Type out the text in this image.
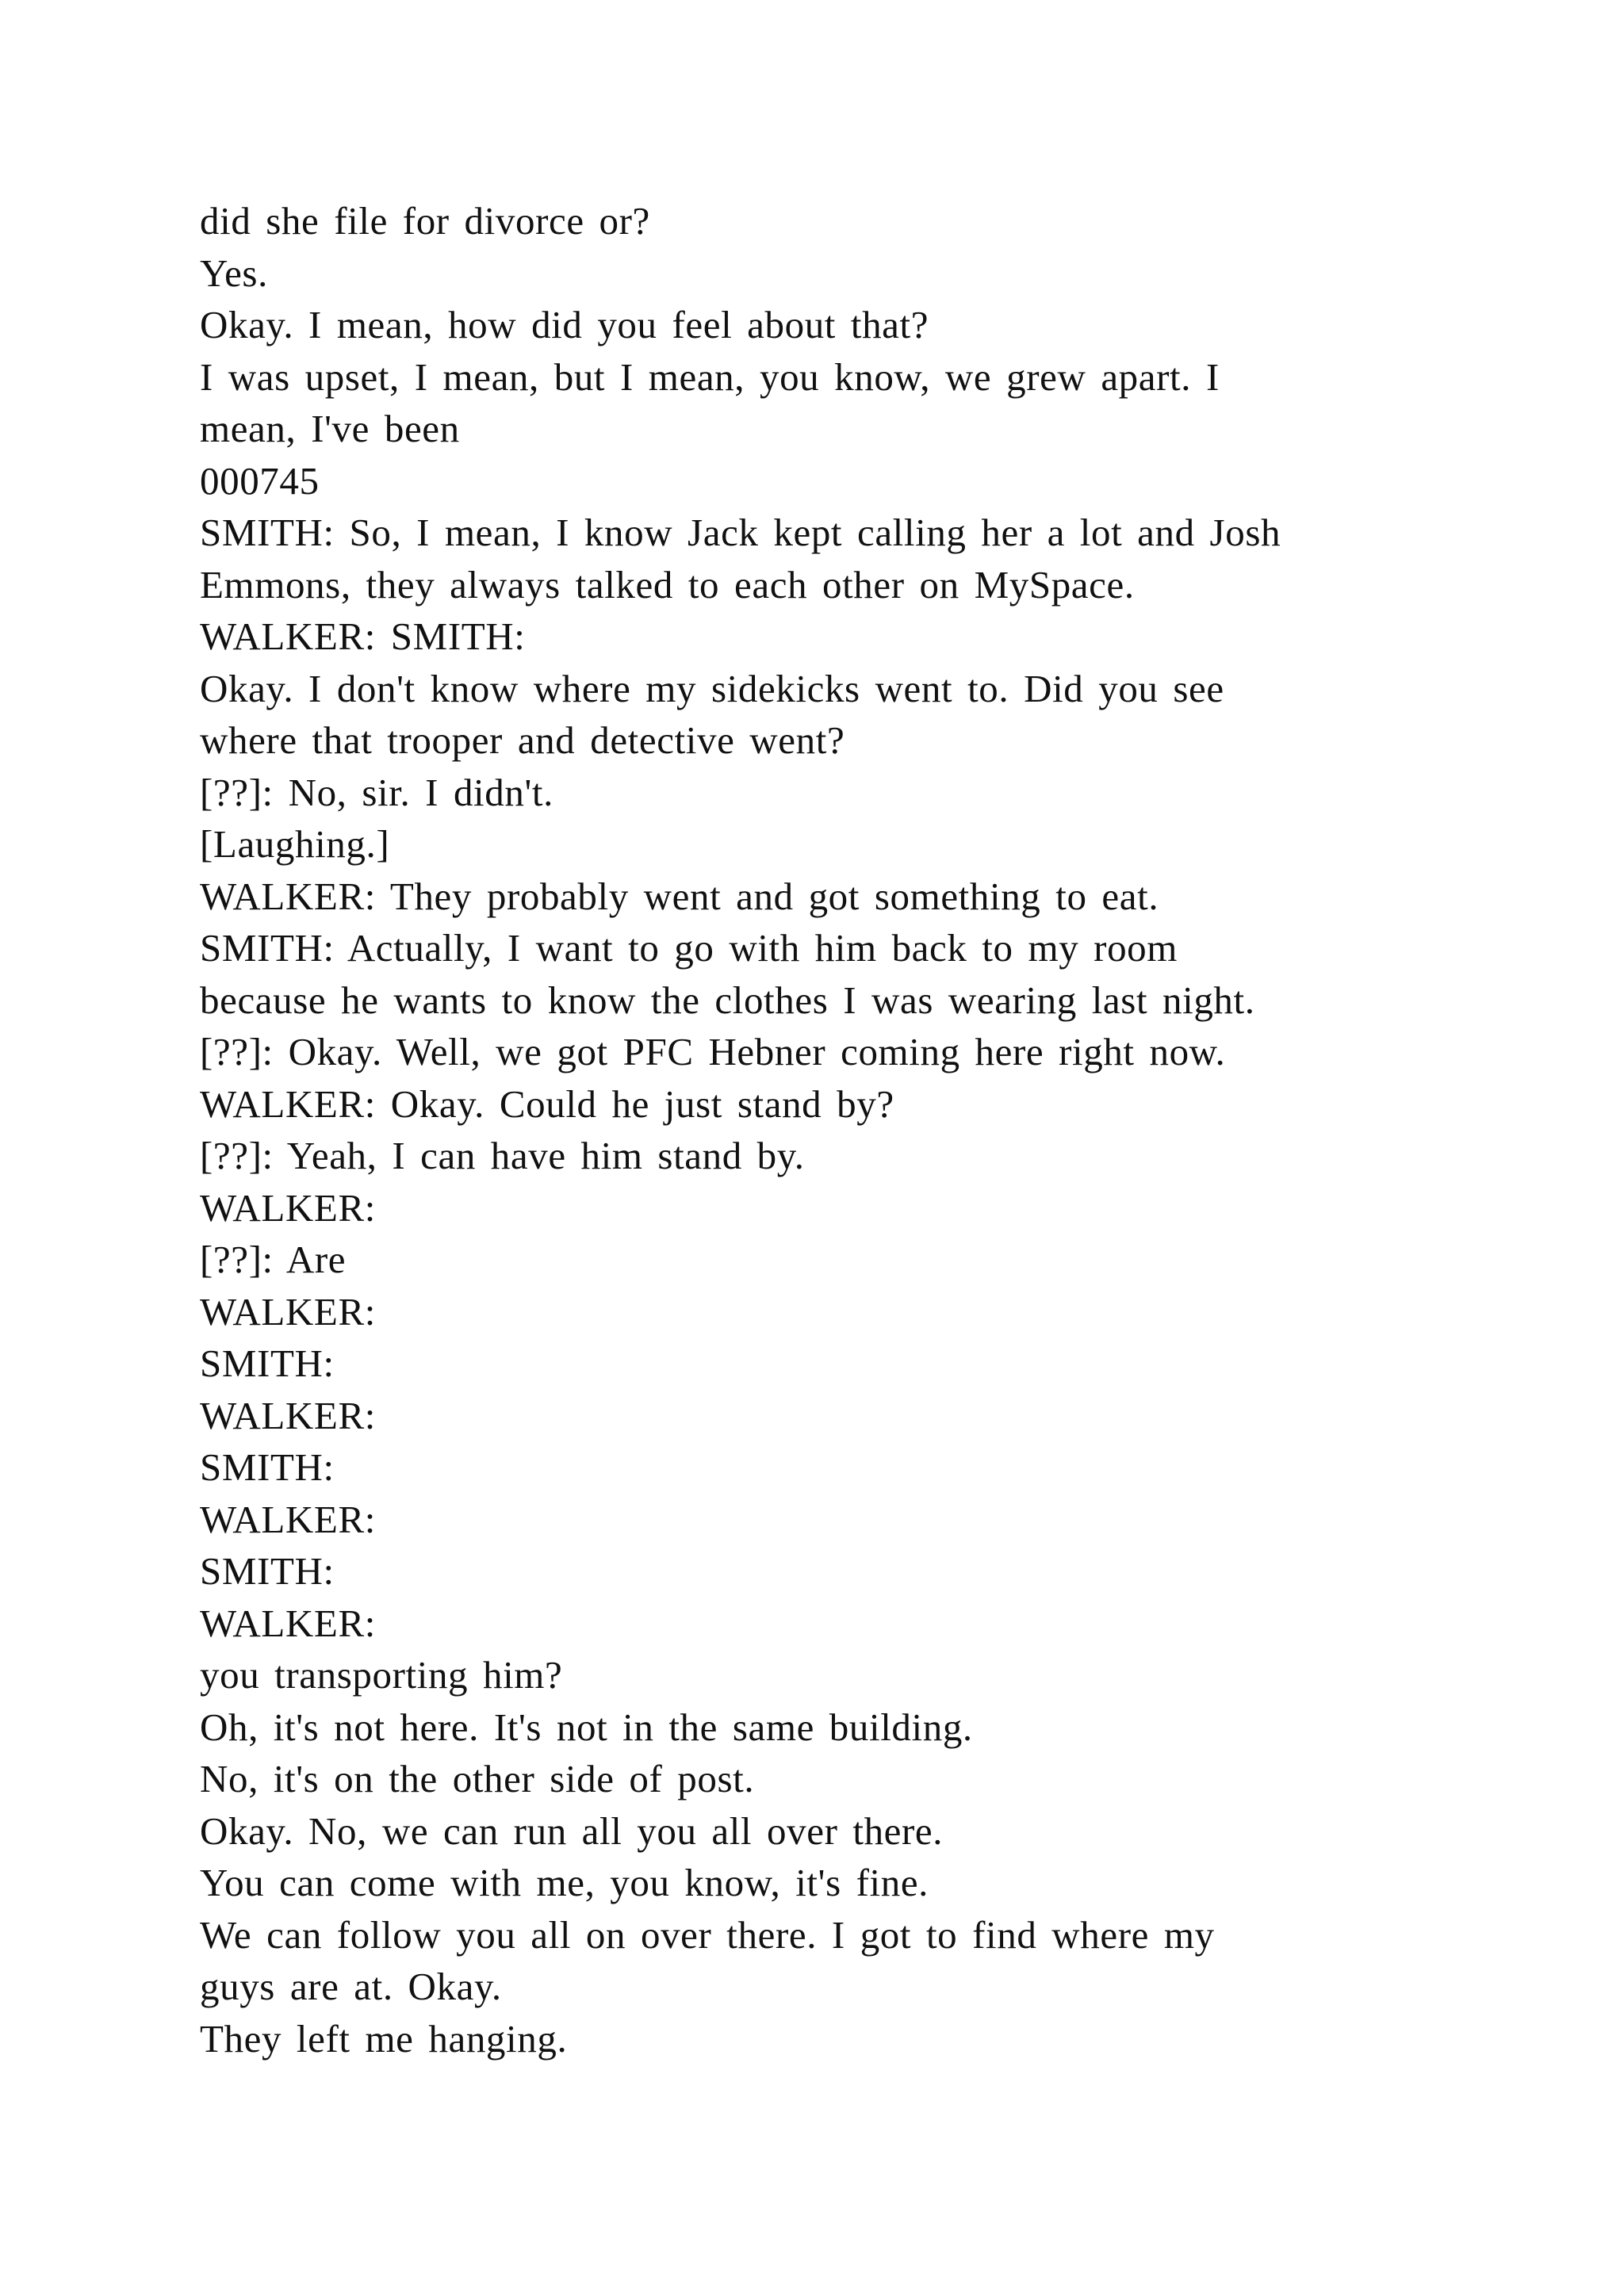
did she file for divorce or?
Yes.
Okay. I mean, how did you feel about that?
I was upset, I mean, but I mean, you know, we grew apart. I
mean, I've been
000745
SMITH: So, I mean, I know Jack kept calling her a lot and Josh
Emmons, they always talked to each other on MySpace.
WALKER: SMITH:
Okay. I don't know where my sidekicks went to. Did you see
where that trooper and detective went?
[??]: No, sir. I didn't.
[Laughing.]
WALKER: They probably went and got something to eat.
SMITH: Actually, I want to go with him back to my room
because he wants to know the clothes I was wearing last night.
[??]: Okay. Well, we got PFC Hebner coming here right now.
WALKER: Okay. Could he just stand by?
[??]: Yeah, I can have him stand by.
WALKER:
[??]: Are
WALKER:
SMITH:
WALKER:
SMITH:
WALKER:
SMITH:
WALKER:
you transporting him?
Oh, it's not here. It's not in the same building.
No, it's on the other side of post.
Okay. No, we can run all you all over there.
You can come with me, you know, it's fine.
We can follow you all on over there. I got to find where my
guys are at. Okay.
They left me hanging.
